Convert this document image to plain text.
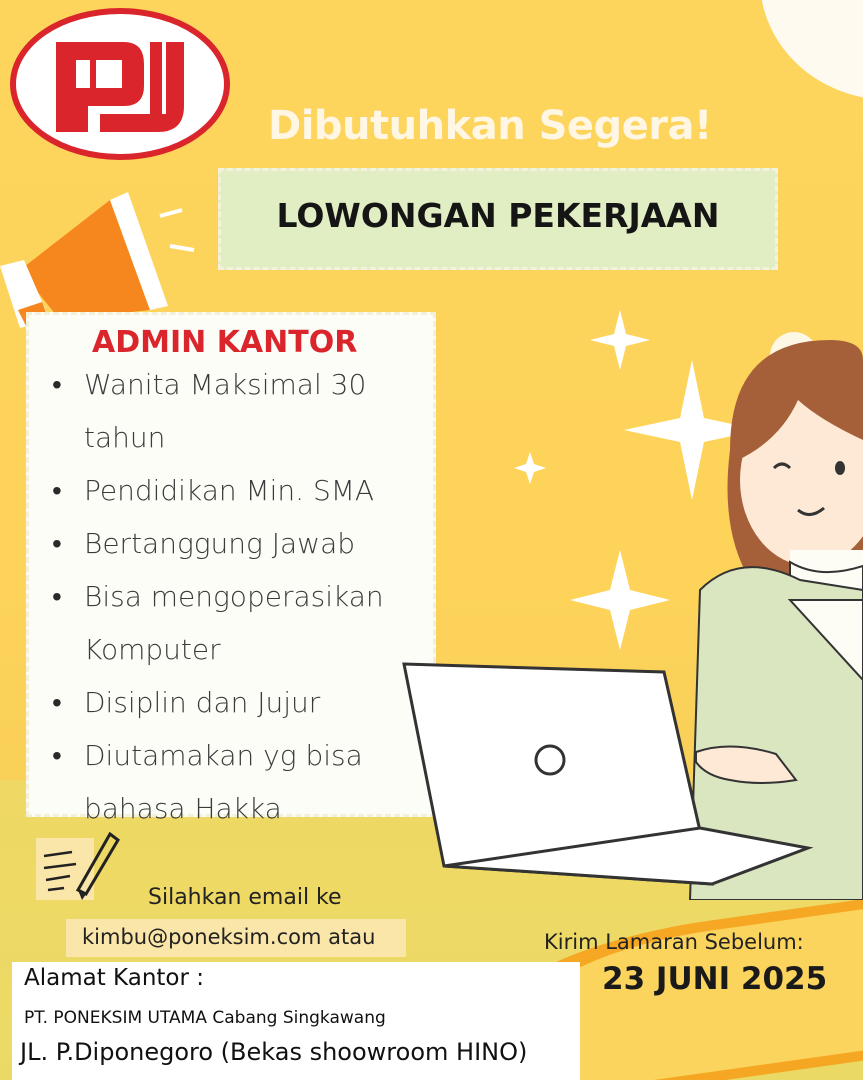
Dibutuhkan Segera!
LOWONGAN PEKERJAAN
ADMIN KANTOR
• Wanita Maksimal 30 tahun
• Pendidikan Min. SMA
• Bertanggung Jawab
• Bisa mengoperasikan Komputer
• Disiplin dan Jujur
• Diutamakan yg bisa bahasa Hakka
Silahkan email ke
kimbu@poneksim.com atau	Kirim Lamaran Sebelum:
23 JUNI 2025
Alamat Kantor :
PT. PONEKSIM UTAMA Cabang Singkawang
JL. P.Diponegoro (Bekas shoowroom HINO)
